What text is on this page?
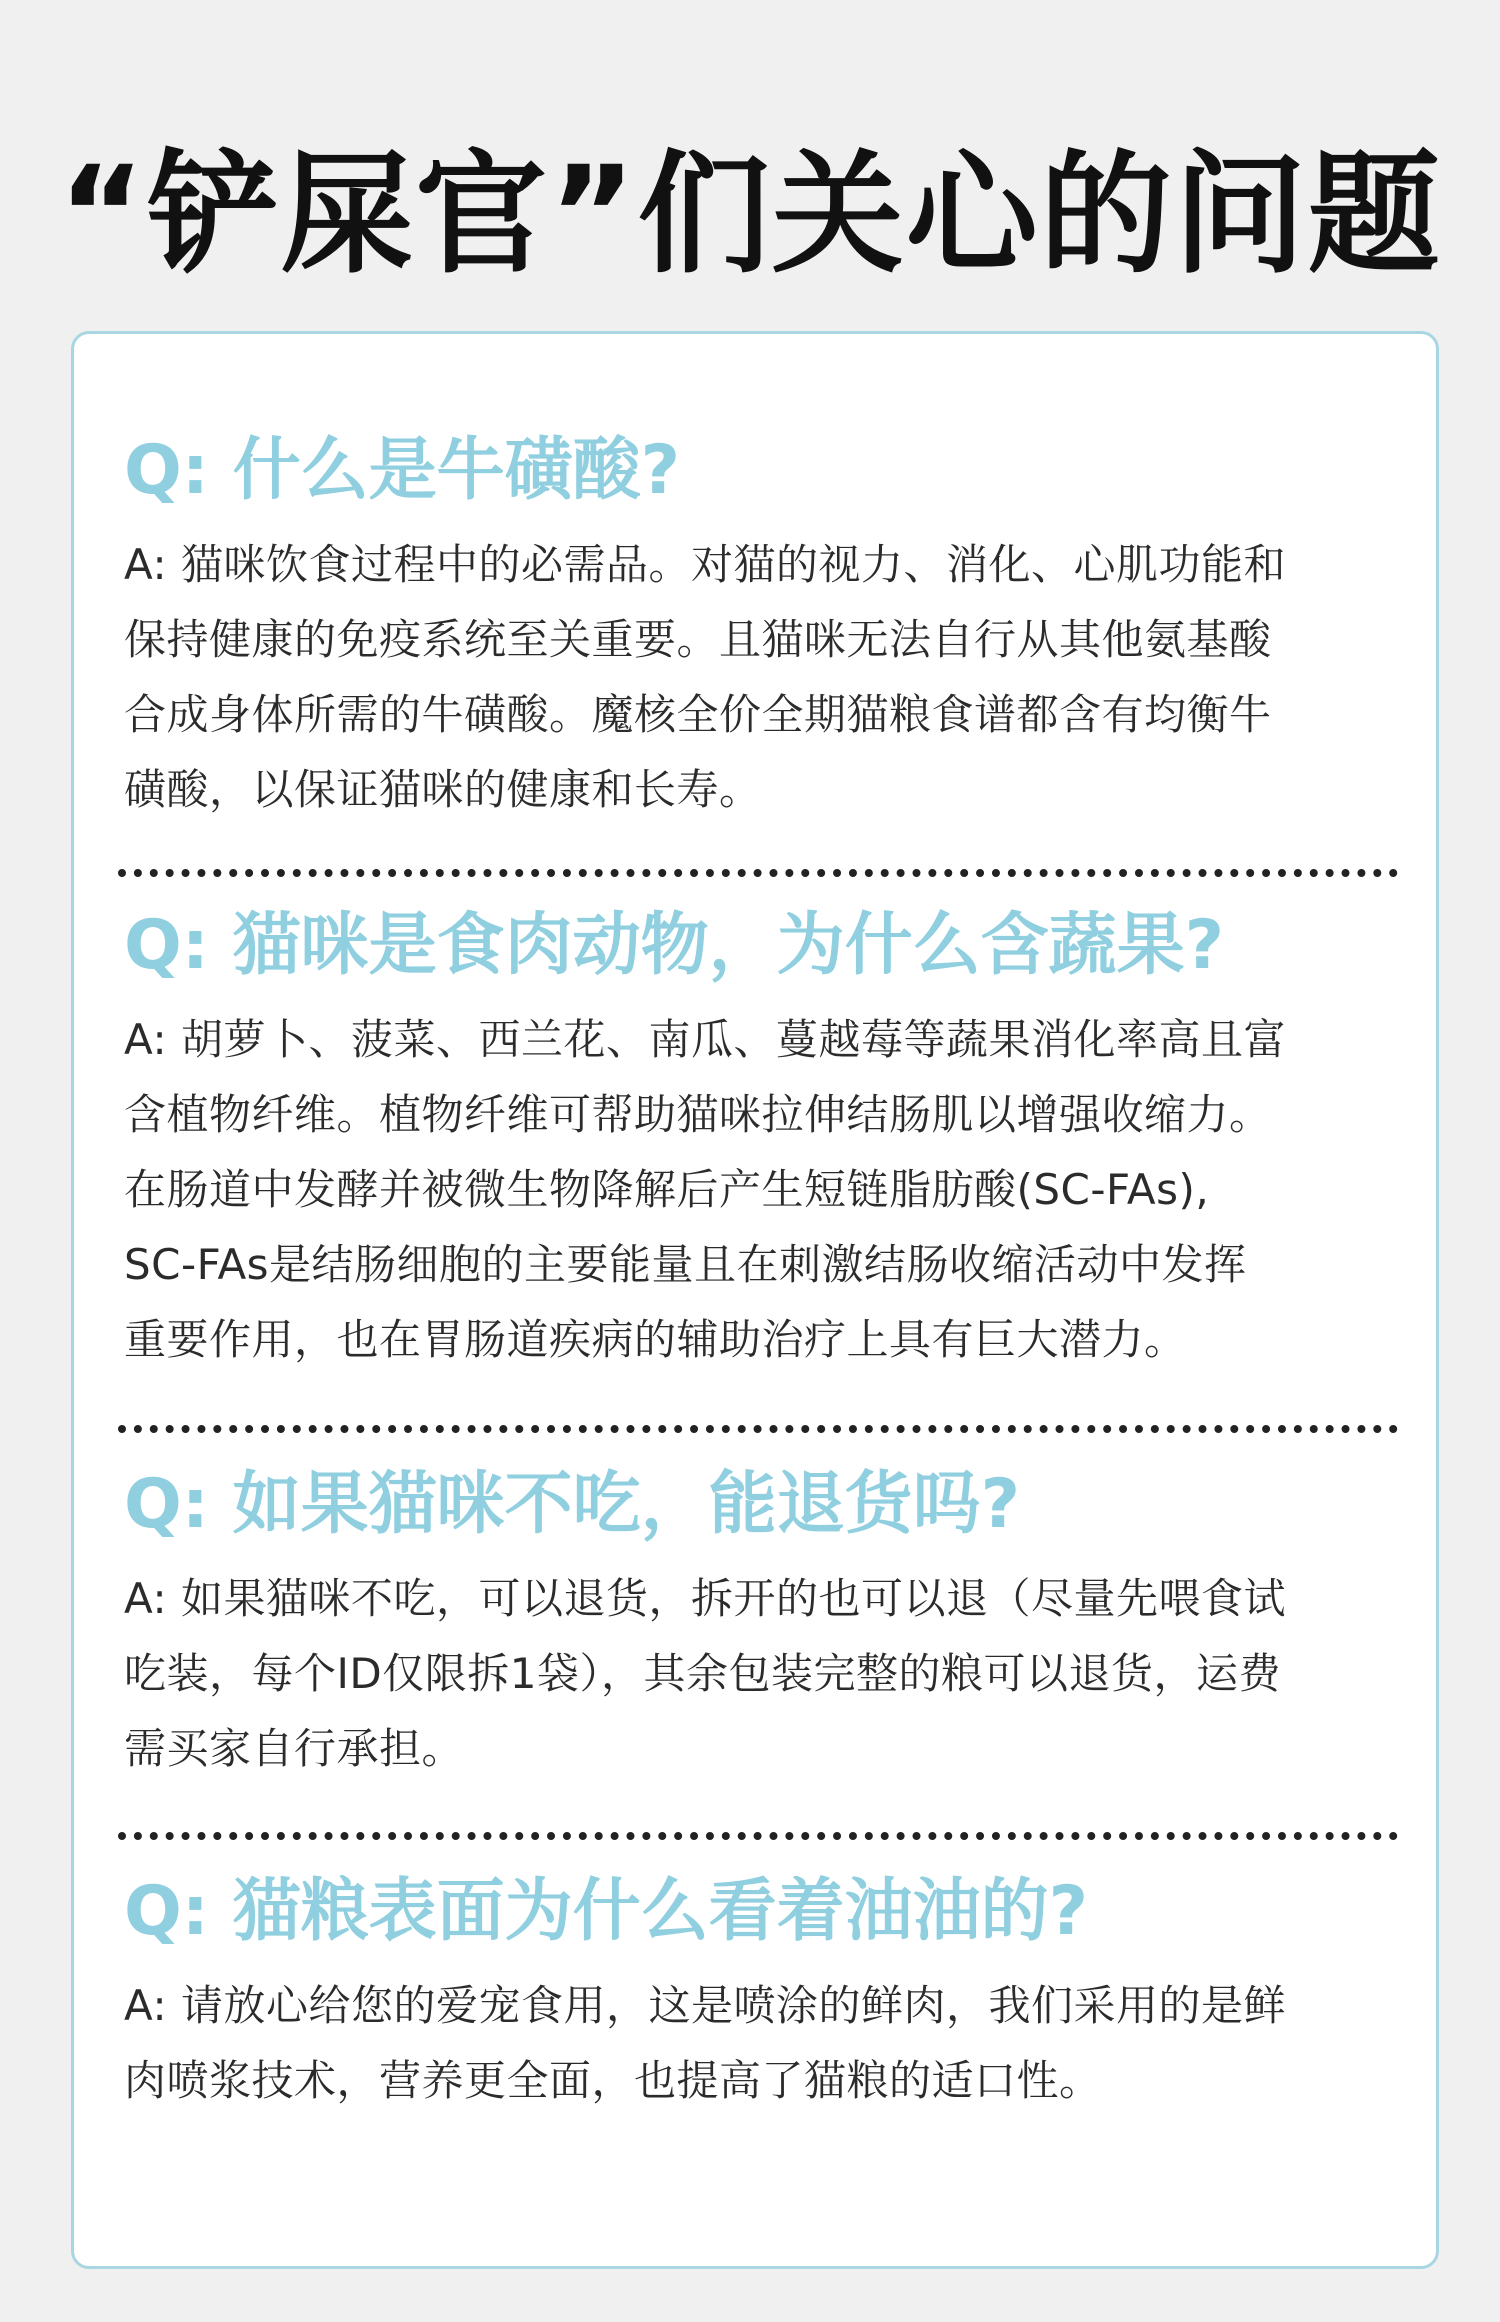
“铲屎官”们关心的问题
Q: 什么是牛磺酸?
A: 猫咪饮食过程中的必需品。对猫的视力、消化、心肌功能和
保持健康的免疫系统至关重要。且猫咪无法自行从其他氨基酸
合成身体所需的牛磺酸。魔核全价全期猫粮食谱都含有均衡牛
磺酸，以保证猫咪的健康和长寿。
Q: 猫咪是食肉动物，为什么含蔬果?
A: 胡萝卜、菠菜、西兰花、南瓜、蔓越莓等蔬果消化率高且富
含植物纤维。植物纤维可帮助猫咪拉伸结肠肌以增强收缩力。
在肠道中发酵并被微生物降解后产生短链脂肪酸(SC-FAs),
SC-FAs是结肠细胞的主要能量且在刺激结肠收缩活动中发挥
重要作用，也在胃肠道疾病的辅助治疗上具有巨大潜力。
Q: 如果猫咪不吃，能退货吗?
A: 如果猫咪不吃，可以退货，拆开的也可以退（尽量先喂食试
吃装，每个ID仅限拆1袋），其余包装完整的粮可以退货，运费
需买家自行承担。
Q: 猫粮表面为什么看着油油的?
A: 请放心给您的爱宠食用，这是喷涂的鲜肉，我们采用的是鲜
肉喷浆技术，营养更全面，也提高了猫粮的适口性。
